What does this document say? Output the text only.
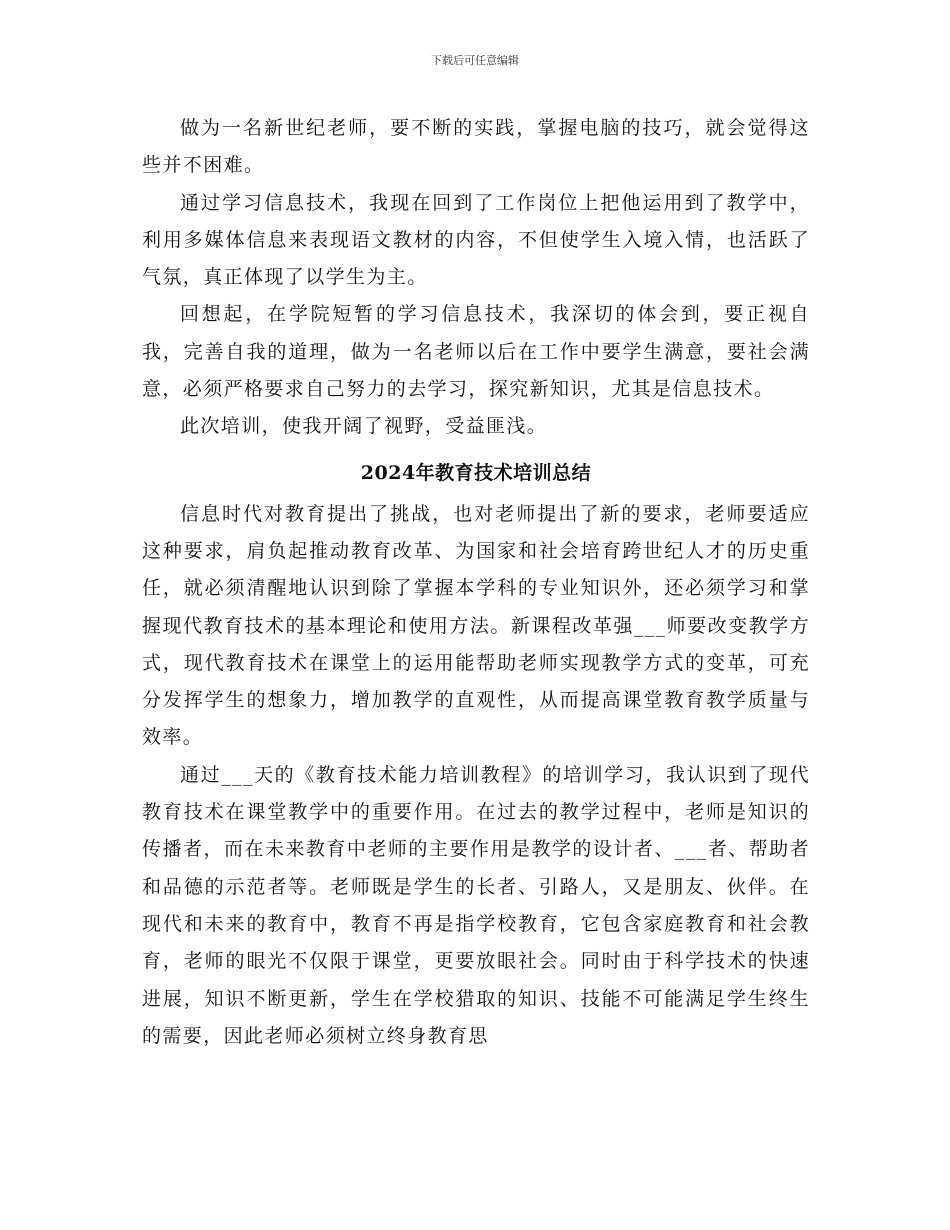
下载后可任意编辑

做为一名新世纪老师，要不断的实践，掌握电脑的技巧，就会觉得这些并不困难。

通过学习信息技术，我现在回到了工作岗位上把他运用到了教学中，利用多媒体信息来表现语文教材的内容，不但使学生入境入情，也活跃了气氛，真正体现了以学生为主。

回想起，在学院短暂的学习信息技术，我深切的体会到，要正视自我，完善自我的道理，做为一名老师以后在工作中要学生满意，要社会满意，必须严格要求自己努力的去学习，探究新知识，尤其是信息技术。

此次培训，使我开阔了视野，受益匪浅。

2024年教育技术培训总结

信息时代对教育提出了挑战，也对老师提出了新的要求，老师要适应这种要求，肩负起推动教育改革、为国家和社会培育跨世纪人才的历史重任，就必须清醒地认识到除了掌握本学科的专业知识外，还必须学习和掌握现代教育技术的基本理论和使用方法。新课程改革强___师要改变教学方式，现代教育技术在课堂上的运用能帮助老师实现教学方式的变革，可充分发挥学生的想象力，增加教学的直观性，从而提高课堂教育教学质量与效率。

通过___天的《教育技术能力培训教程》的培训学习，我认识到了现代教育技术在课堂教学中的重要作用。在过去的教学过程中，老师是知识的传播者，而在未来教育中老师的主要作用是教学的设计者、___者、帮助者和品德的示范者等。老师既是学生的长者、引路人，又是朋友、伙伴。在现代和未来的教育中，教育不再是指学校教育，它包含家庭教育和社会教育，老师的眼光不仅限于课堂，更要放眼社会。同时由于科学技术的快速进展，知识不断更新，学生在学校猎取的知识、技能不可能满足学生终生的需要，因此老师必须树立终身教育思
